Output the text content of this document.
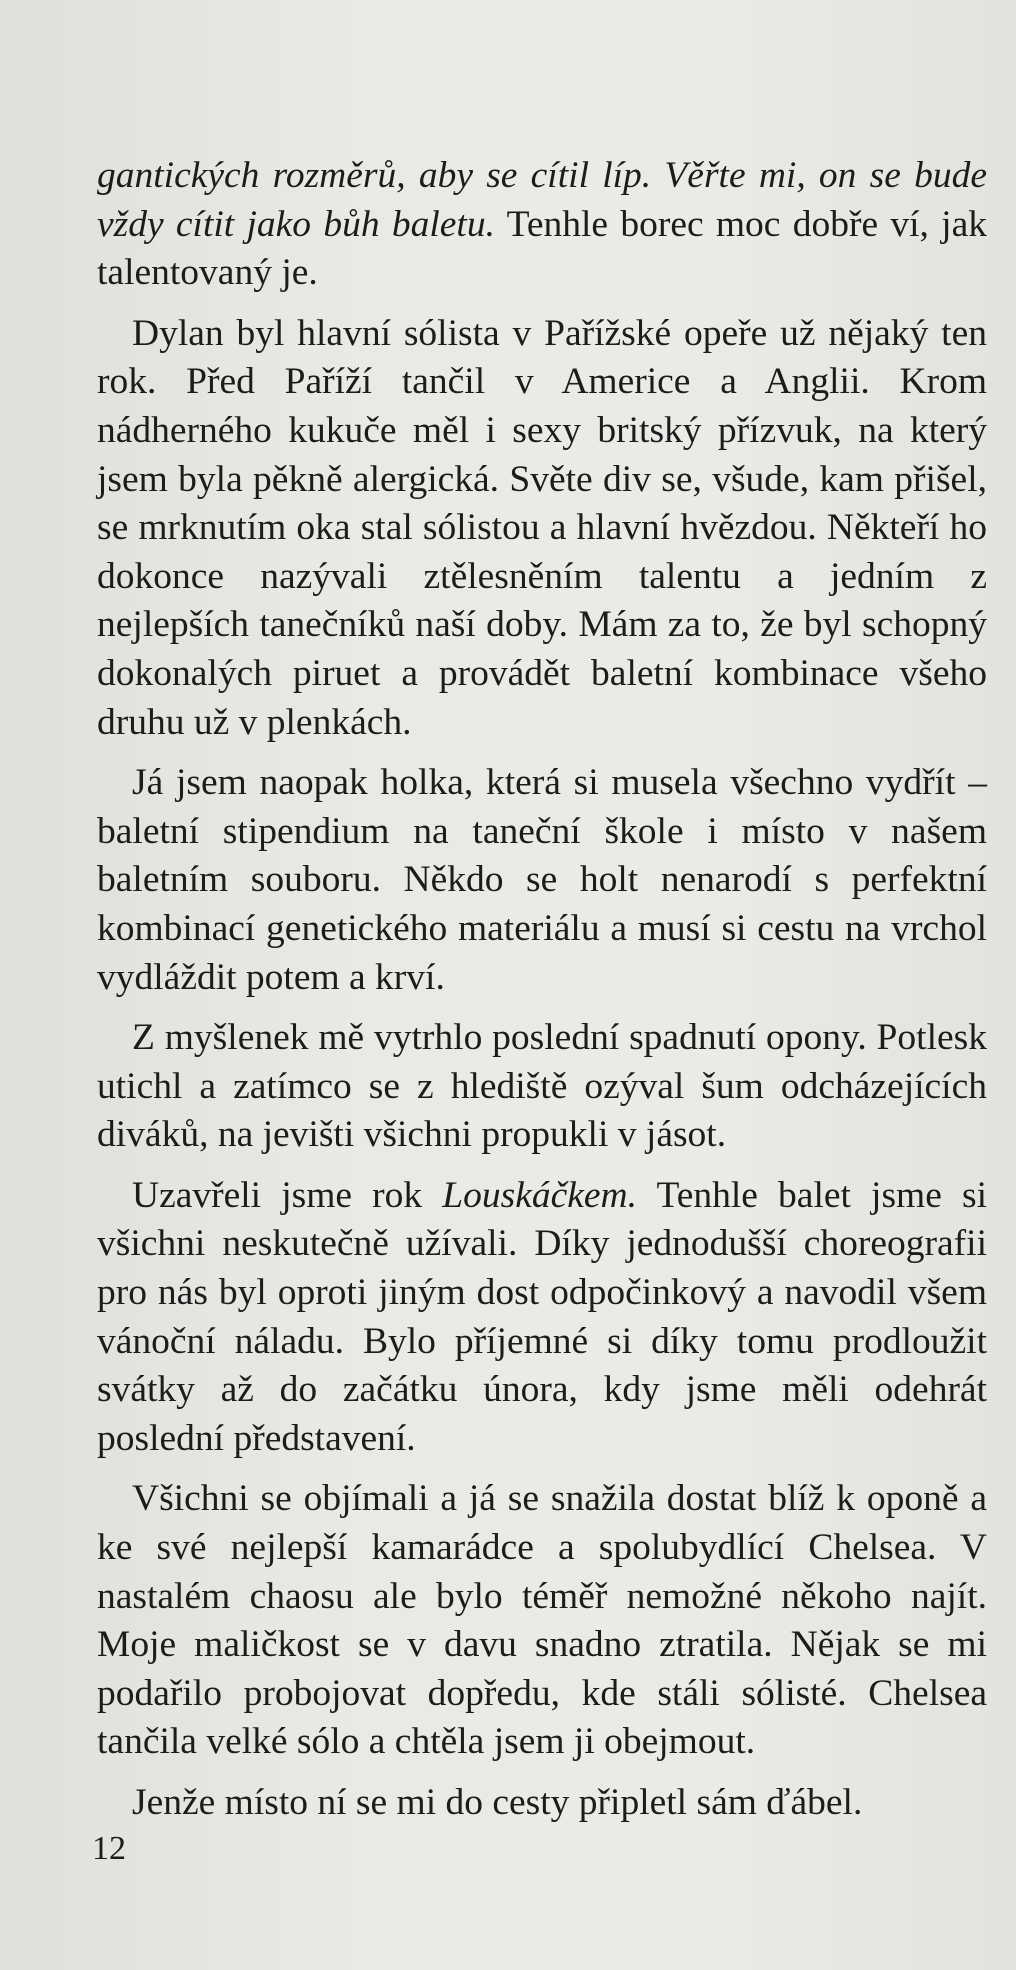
gantických rozměrů, aby se cítil líp. Věřte mi, on se bude vždy cítit jako bůh baletu. Tenhle borec moc dobře ví, jak talentovaný je.

Dylan byl hlavní sólista v Pařížské opeře už nějaký ten rok. Před Paříží tančil v Americe a Anglii. Krom nádherného kukuče měl i sexy britský přízvuk, na který jsem byla pěkně alergická. Světe div se, všude, kam přišel, se mrknutím oka stal sólistou a hlavní hvězdou. Někteří ho dokonce nazývali ztělesněním talentu a jedním z nejlepších tanečníků naší doby. Mám za to, že byl schopný dokonalých piruet a provádět baletní kombinace všeho druhu už v plenkách.

Já jsem naopak holka, která si musela všechno vydřít – baletní stipendium na taneční škole i místo v našem baletním souboru. Někdo se holt nenarodí s perfektní kombinací genetického materiálu a musí si cestu na vrchol vydláždit potem a krví.

Z myšlenek mě vytrhlo poslední spadnutí opony. Potlesk utichl a zatímco se z hlediště ozýval šum odcházejících diváků, na jevišti všichni propukli v jásot.

Uzavřeli jsme rok Louskáčkem. Tenhle balet jsme si všichni neskutečně užívali. Díky jednodušší choreografii pro nás byl oproti jiným dost odpočinkový a navodil všem vánoční náladu. Bylo příjemné si díky tomu prodloužit svátky až do začátku února, kdy jsme měli odehrát poslední představení.

Všichni se objímali a já se snažila dostat blíž k oponě a ke své nejlepší kamarádce a spolubydlící Chelsea. V nastalém chaosu ale bylo téměř nemožné někoho najít. Moje maličkost se v davu snadno ztratila. Nějak se mi podařilo probojovat dopředu, kde stáli sólisté. Chelsea tančila velké sólo a chtěla jsem ji obejmout.

Jenže místo ní se mi do cesty připletl sám ďábel.

12
